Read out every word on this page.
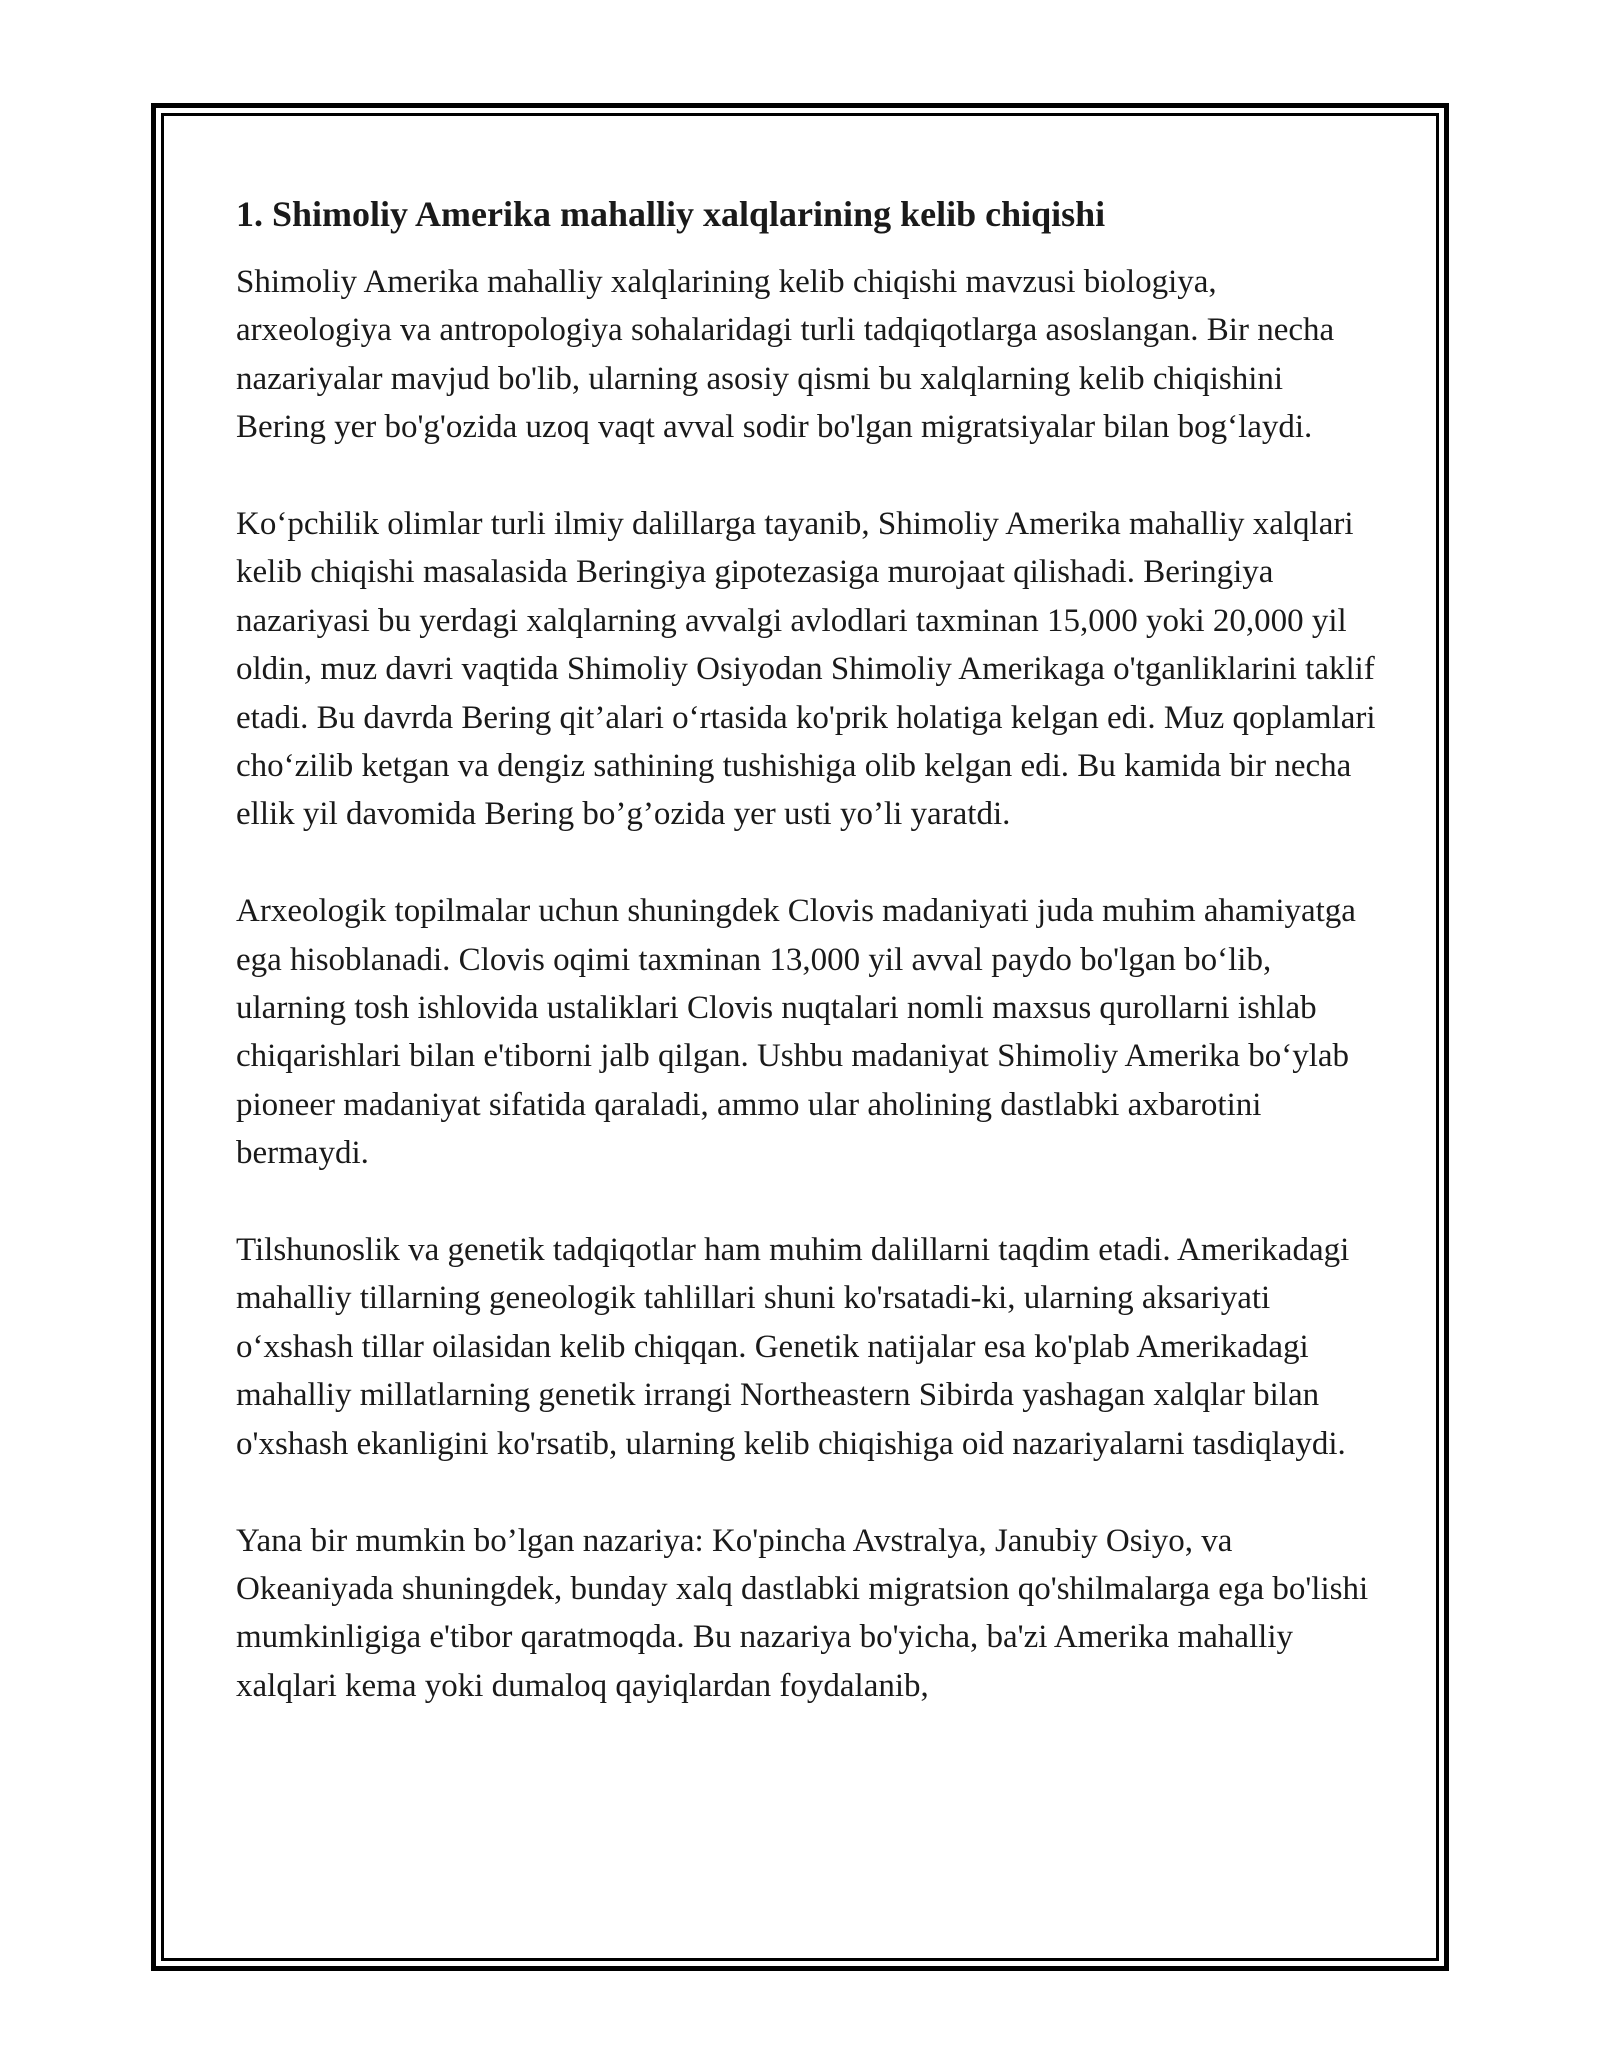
1. Shimoliy Amerika mahalliy xalqlarining kelib chiqishi

Shimoliy Amerika mahalliy xalqlarining kelib chiqishi mavzusi biologiya, arxeologiya va antropologiya sohalaridagi turli tadqiqotlarga asoslangan. Bir necha nazariyalar mavjud bo'lib, ularning asosiy qismi bu xalqlarning kelib chiqishini Bering yer bo'g'ozida uzoq vaqt avval sodir bo'lgan migratsiyalar bilan bog‘laydi.

Ko‘pchilik olimlar turli ilmiy dalillarga tayanib, Shimoliy Amerika mahalliy xalqlari kelib chiqishi masalasida Beringiya gipotezasiga murojaat qilishadi. Beringiya nazariyasi bu yerdagi xalqlarning avvalgi avlodlari taxminan 15,000 yoki 20,000 yil oldin, muz davri vaqtida Shimoliy Osiyodan Shimoliy Amerikaga o'tganliklarini taklif etadi. Bu davrda Bering qit’alari o‘rtasida ko'prik holatiga kelgan edi. Muz qoplamlari cho‘zilib ketgan va dengiz sathining tushishiga olib kelgan edi. Bu kamida bir necha ellik yil davomida Bering bo’g’ozida yer usti yo’li yaratdi.

Arxeologik topilmalar uchun shuningdek Clovis madaniyati juda muhim ahamiyatga ega hisoblanadi. Clovis oqimi taxminan 13,000 yil avval paydo bo'lgan bo‘lib, ularning tosh ishlovida ustaliklari Clovis nuqtalari nomli maxsus qurollarni ishlab chiqarishlari bilan e'tiborni jalb qilgan. Ushbu madaniyat Shimoliy Amerika bo‘ylab pioneer madaniyat sifatida qaraladi, ammo ular aholining dastlabki axbarotini bermaydi.

Tilshunoslik va genetik tadqiqotlar ham muhim dalillarni taqdim etadi. Amerikadagi mahalliy tillarning geneologik tahlillari shuni ko'rsatadi-ki, ularning aksariyati o‘xshash tillar oilasidan kelib chiqqan. Genetik natijalar esa ko'plab Amerikadagi mahalliy millatlarning genetik irrangi Northeastern Sibirda yashagan xalqlar bilan o'xshash ekanligini ko'rsatib, ularning kelib chiqishiga oid nazariyalarni tasdiqlaydi.

Yana bir mumkin bo’lgan nazariya: Ko'pincha Avstralya, Janubiy Osiyo, va Okeaniyada shuningdek, bunday xalq dastlabki migratsion qo'shilmalarga ega bo'lishi mumkinligiga e'tibor qaratmoqda. Bu nazariya bo'yicha, ba'zi Amerika mahalliy xalqlari kema yoki dumaloq qayiqlardan foydalanib,
